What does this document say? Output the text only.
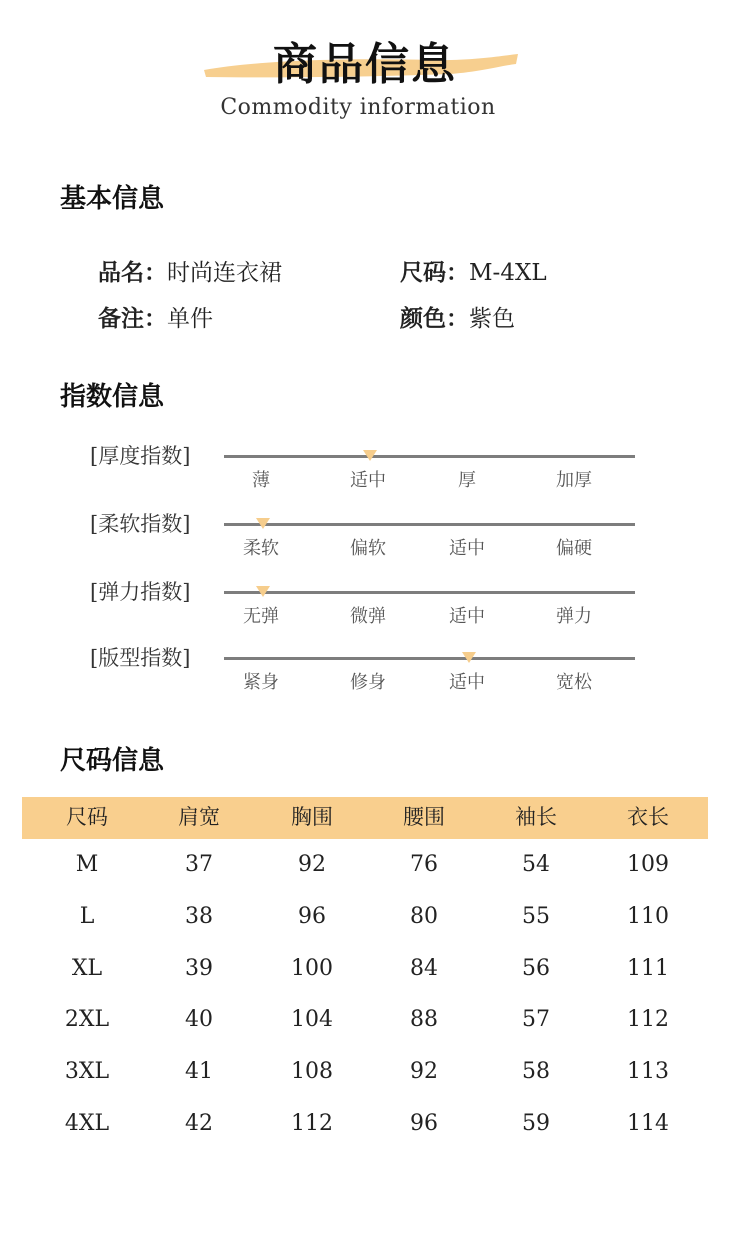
商品信息
Commodity information
基本信息
品名：时尚连衣裙	尺码：M-4XL
备注：单件	颜色：紫色
指数信息
[厚度指数]
薄	适中	厚	加厚
[柔软指数]
柔软	偏软	适中	偏硬
[弹力指数]
无弹	微弹	适中	弹力
[版型指数]
紧身	修身	适中	宽松
尺码信息
尺码	肩宽	胸围	腰围	袖长	衣长
M	37	92	76	54	109
L	38	96	80	55	110
XL	39	100	84	56	111
2XL	40	104	88	57	112
3XL	41	108	92	58	113
4XL	42	112	96	59	114
